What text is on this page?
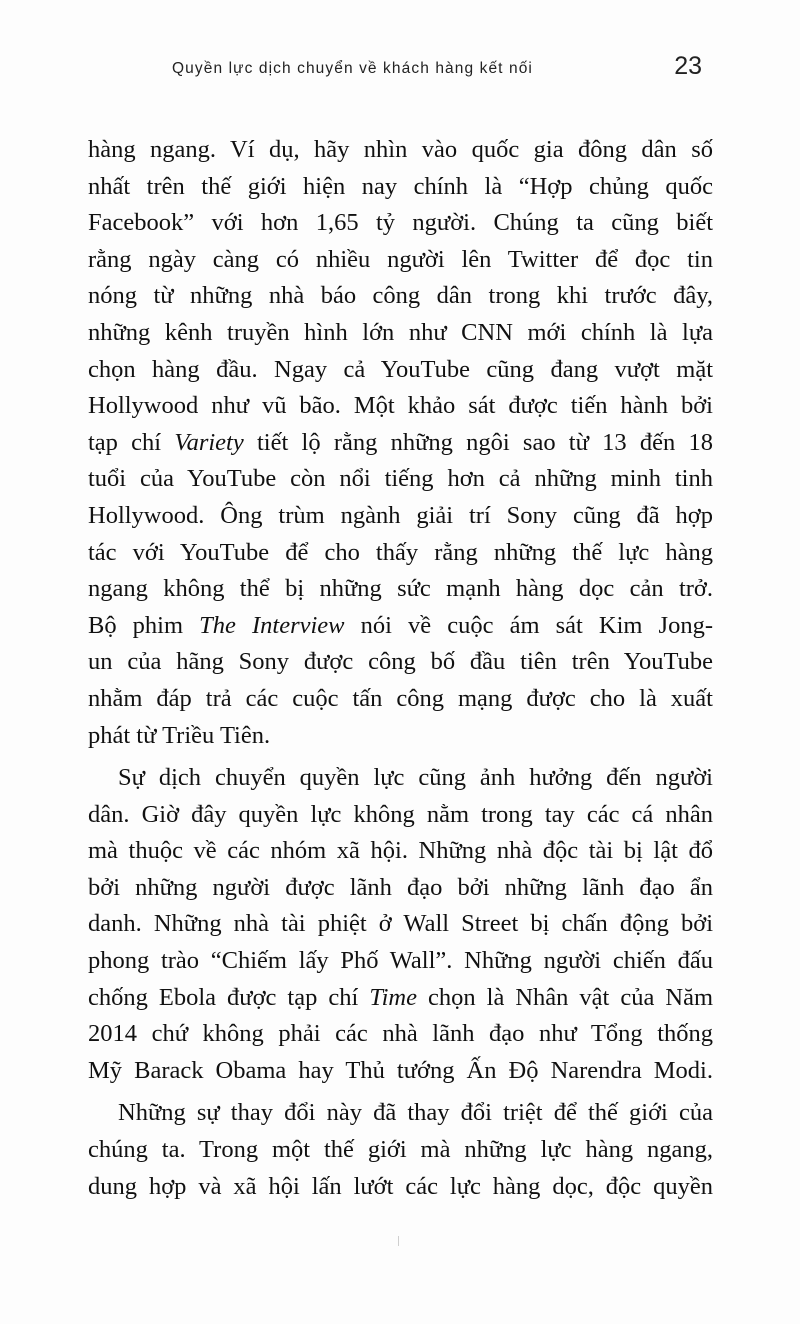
Quyền lực dịch chuyển về khách hàng kết nối	23
hàng ngang. Ví dụ, hãy nhìn vào quốc gia đông dân số
nhất trên thế giới hiện nay chính là “Hợp chủng quốc
Facebook” với hơn 1,65 tỷ người. Chúng ta cũng biết
rằng ngày càng có nhiều người lên Twitter để đọc tin
nóng từ những nhà báo công dân trong khi trước đây,
những kênh truyền hình lớn như CNN mới chính là lựa
chọn hàng đầu. Ngay cả YouTube cũng đang vượt mặt
Hollywood như vũ bão. Một khảo sát được tiến hành bởi
tạp chí Variety tiết lộ rằng những ngôi sao từ 13 đến 18
tuổi của YouTube còn nổi tiếng hơn cả những minh tinh
Hollywood. Ông trùm ngành giải trí Sony cũng đã hợp
tác với YouTube để cho thấy rằng những thế lực hàng
ngang không thể bị những sức mạnh hàng dọc cản trở.
Bộ phim The Interview nói về cuộc ám sát Kim Jong-
un của hãng Sony được công bố đầu tiên trên YouTube
nhằm đáp trả các cuộc tấn công mạng được cho là xuất
phát từ Triều Tiên.
Sự dịch chuyển quyền lực cũng ảnh hưởng đến người
dân. Giờ đây quyền lực không nằm trong tay các cá nhân
mà thuộc về các nhóm xã hội. Những nhà độc tài bị lật đổ
bởi những người được lãnh đạo bởi những lãnh đạo ẩn
danh. Những nhà tài phiệt ở Wall Street bị chấn động bởi
phong trào “Chiếm lấy Phố Wall”. Những người chiến đấu
chống Ebola được tạp chí Time chọn là Nhân vật của Năm
2014 chứ không phải các nhà lãnh đạo như Tổng thống
Mỹ Barack Obama hay Thủ tướng Ấn Độ Narendra Modi.
Những sự thay đổi này đã thay đổi triệt để thế giới của
chúng ta. Trong một thế giới mà những lực hàng ngang,
dung hợp và xã hội lấn lướt các lực hàng dọc, độc quyền
